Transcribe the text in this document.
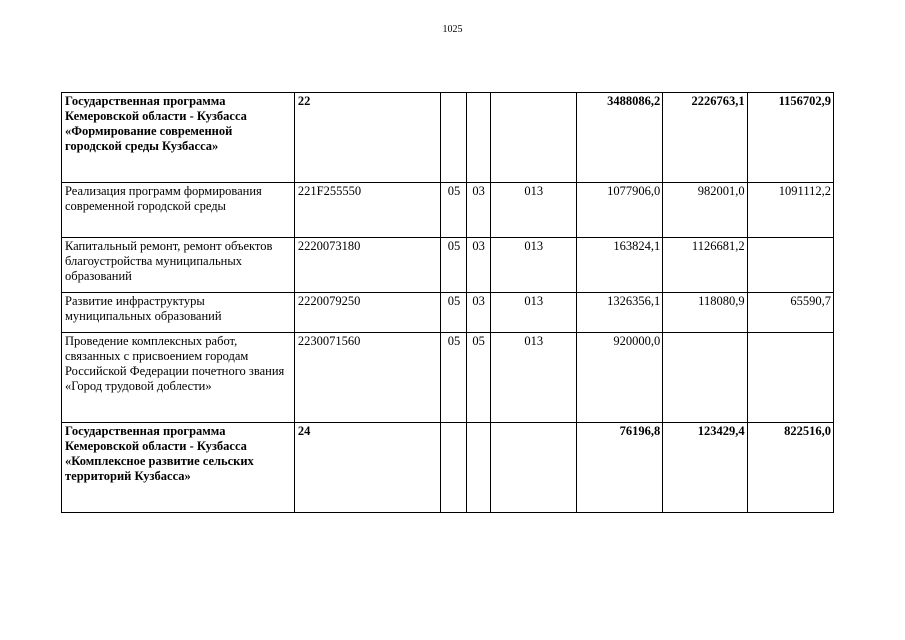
1025
Государственная программа Кемеровской области - Кузбасса «Формирование современной городской среды Кузбасса»	22				3488086,2	2226763,1	1156702,9
Реализация программ формирования современной городской среды	221F255550	05	03	013	1077906,0	982001,0	1091112,2
Капитальный ремонт, ремонт объектов благоустройства муниципальных образований	2220073180	05	03	013	163824,1	1126681,2	
Развитие инфраструктуры муниципальных образований	2220079250	05	03	013	1326356,1	118080,9	65590,7
Проведение комплексных работ, связанных с присвоением городам Российской Федерации почетного звания «Город трудовой доблести»	2230071560	05	05	013	920000,0		
Государственная программа Кемеровской области - Кузбасса «Комплексное развитие сельских территорий Кузбасса»	24				76196,8	123429,4	822516,0
